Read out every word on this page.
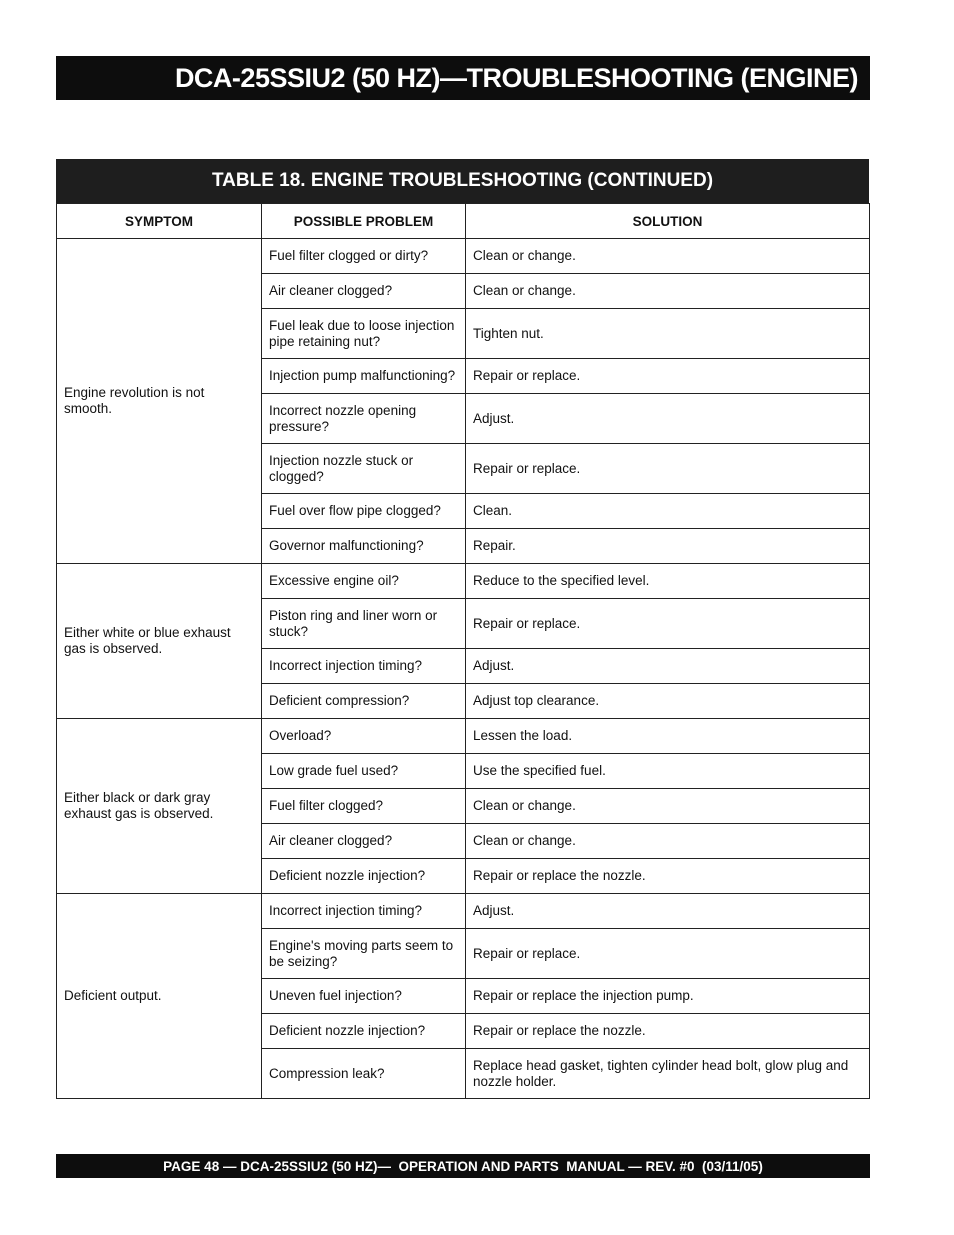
DCA-25SSIU2 (50 HZ)—TROUBLESHOOTING (ENGINE)
TABLE 18. ENGINE TROUBLESHOOTING (CONTINUED)
SYMPTOM	POSSIBLE PROBLEM	SOLUTION
Engine revolution is not smooth.	Fuel filter clogged or dirty?	Clean or change.
	Air cleaner clogged?	Clean or change.
	Fuel leak due to loose injection pipe retaining nut?	Tighten nut.
	Injection pump malfunctioning?	Repair or replace.
	Incorrect nozzle opening pressure?	Adjust.
	Injection nozzle stuck or clogged?	Repair or replace.
	Fuel over flow pipe clogged?	Clean.
	Governor malfunctioning?	Repair.
Either white or blue exhaust gas is observed.	Excessive engine oil?	Reduce to the specified level.
	Piston ring and liner worn or stuck?	Repair or replace.
	Incorrect injection timing?	Adjust.
	Deficient compression?	Adjust top clearance.
Either black or dark gray exhaust gas is observed.	Overload?	Lessen the load.
	Low grade fuel used?	Use the specified fuel.
	Fuel filter clogged?	Clean or change.
	Air cleaner clogged?	Clean or change.
	Deficient nozzle injection?	Repair or replace the nozzle.
Deficient output.	Incorrect injection timing?	Adjust.
	Engine's moving parts seem to be seizing?	Repair or replace.
	Uneven fuel injection?	Repair or replace the injection pump.
	Deficient nozzle injection?	Repair or replace the nozzle.
	Compression leak?	Replace head gasket, tighten cylinder head bolt, glow plug and nozzle holder.
PAGE 48 — DCA-25SSIU2 (50 HZ)—  OPERATION AND PARTS  MANUAL — REV. #0  (03/11/05)
